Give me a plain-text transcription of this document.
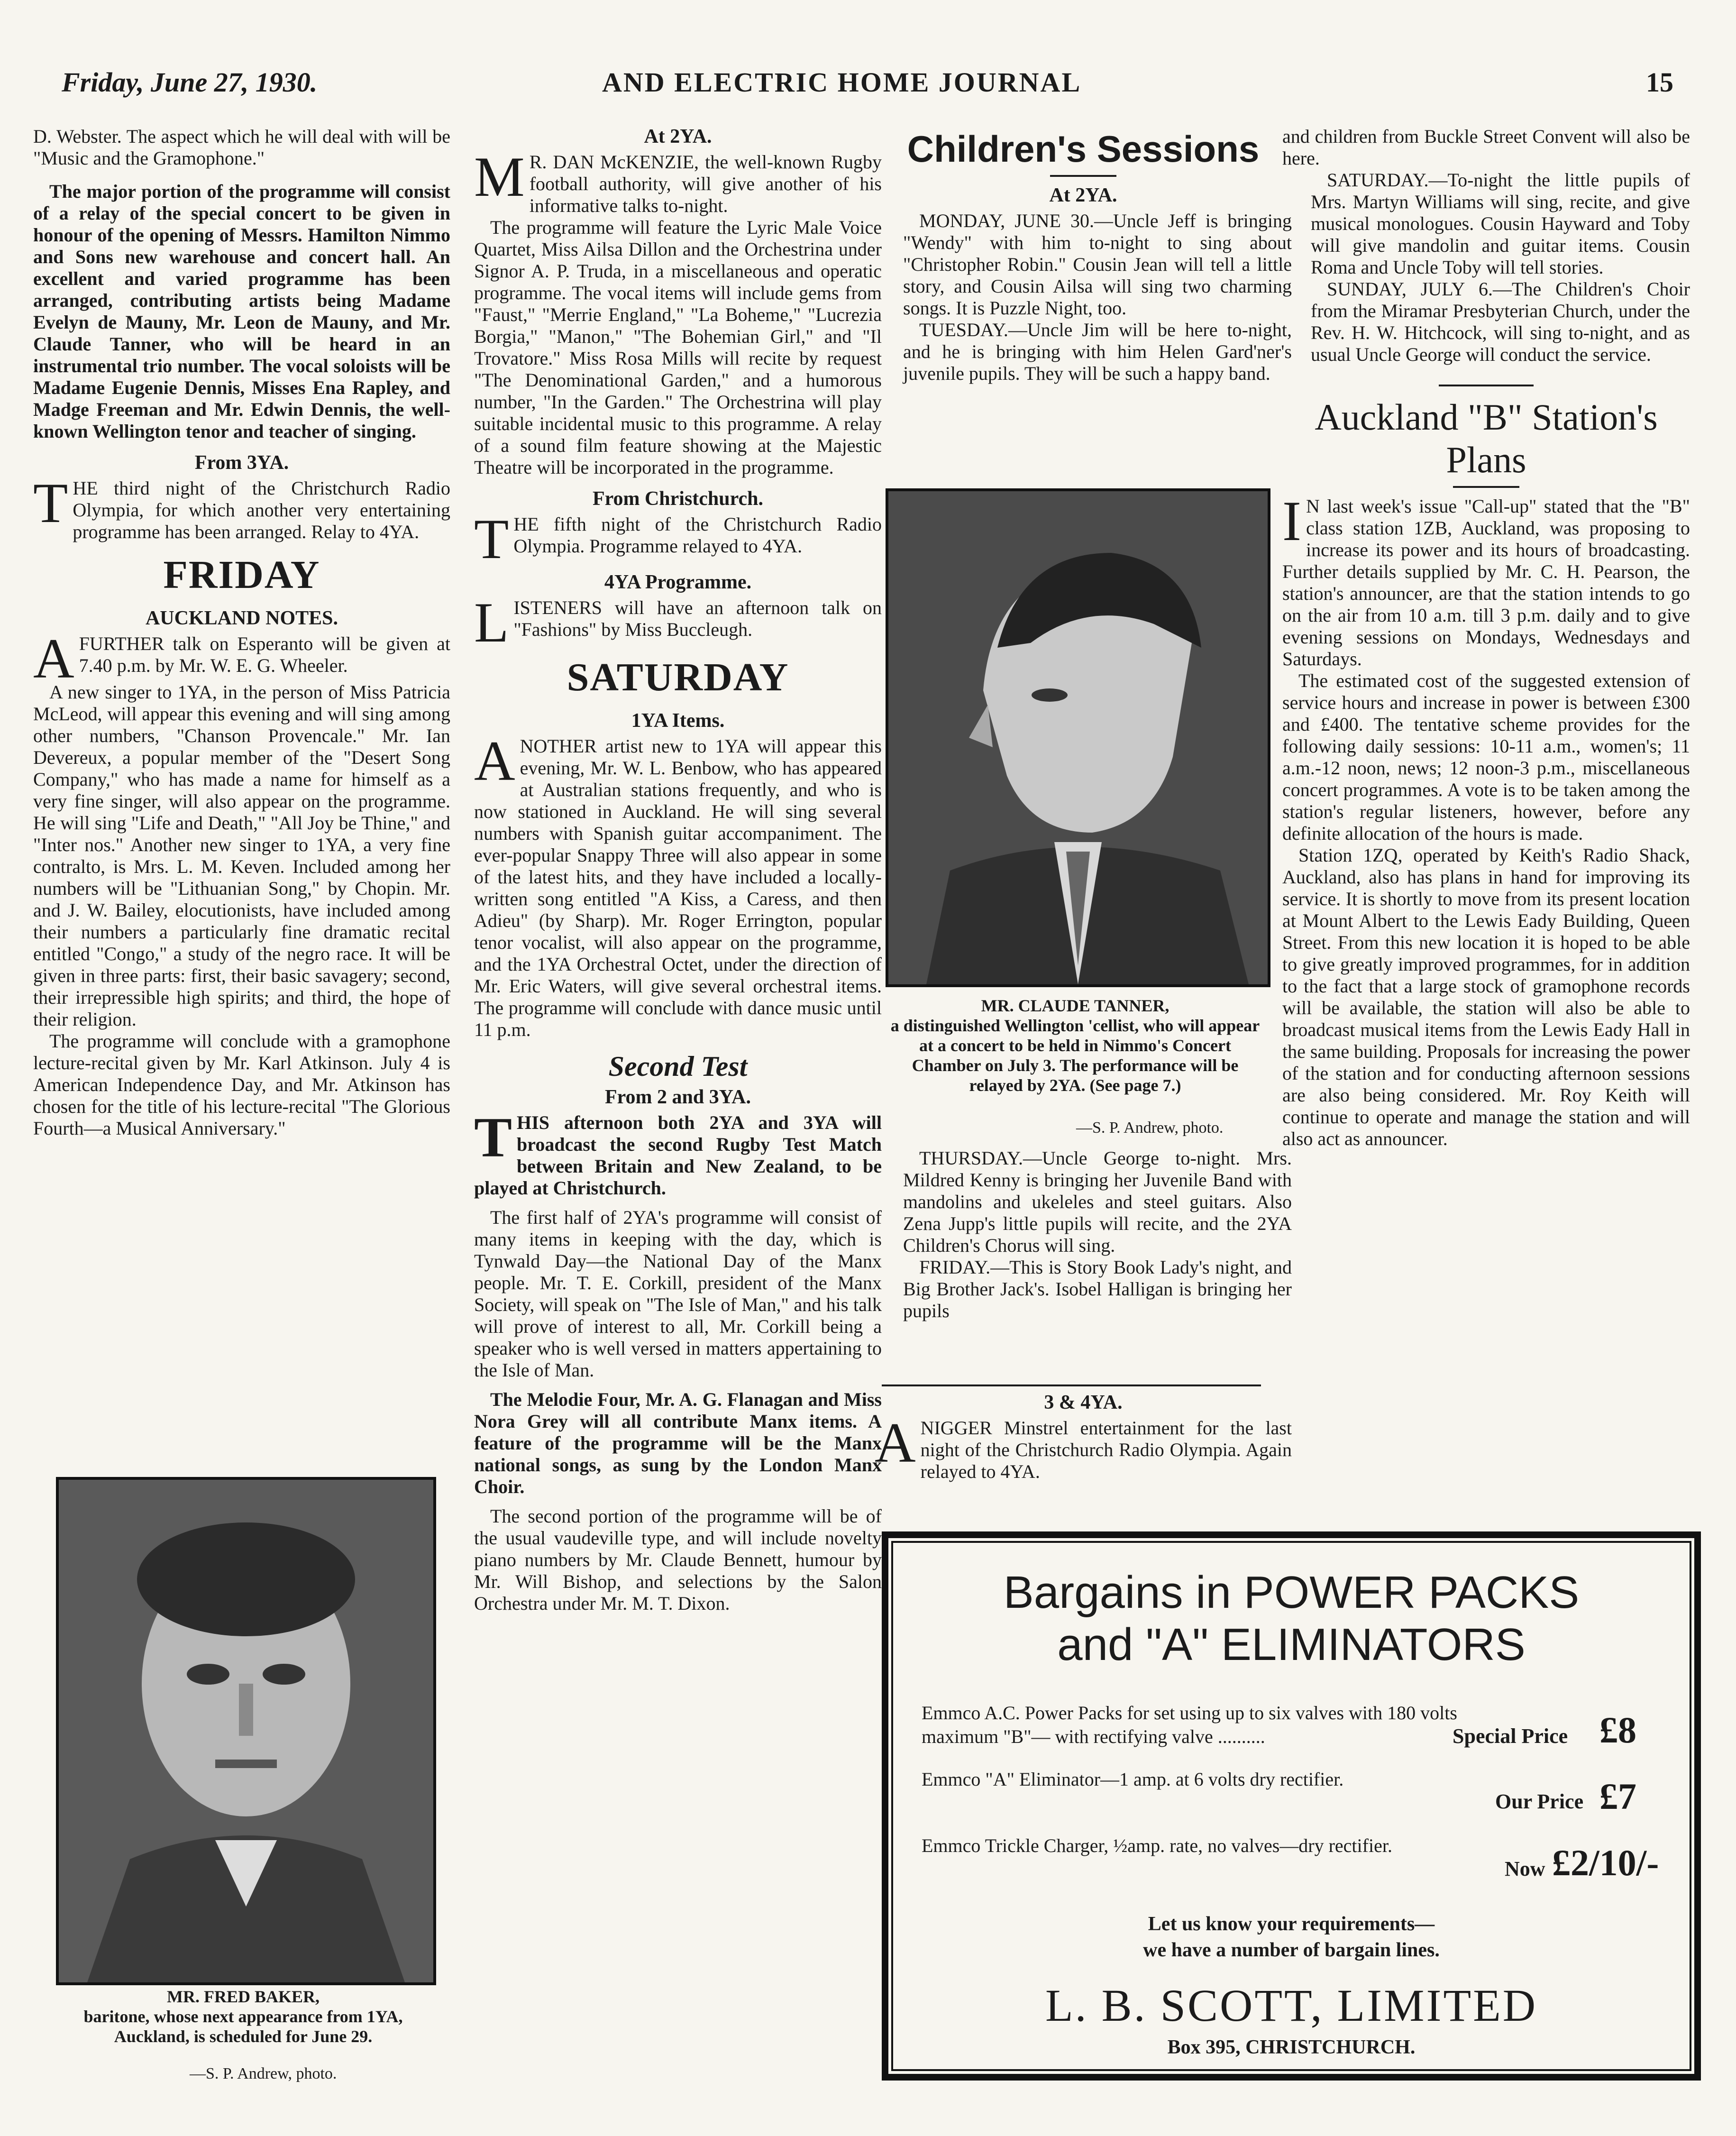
Friday, June 27, 1930.	AND ELECTRIC HOME JOURNAL	15

D. Webster. The aspect which he will deal with will be "Music and the Gramophone."

The major portion of the programme will consist of a relay of the special concert to be given in honour of the opening of Messrs. Hamilton Nimmo and Sons new warehouse and concert hall. An excellent and varied programme has been arranged, contributing artists being Madame Evelyn de Mauny, Mr. Leon de Mauny, and Mr. Claude Tanner, who will be heard in an instrumental trio number. The vocal soloists will be Madame Eugenie Dennis, Misses Ena Rapley, and Madge Freeman and Mr. Edwin Dennis, the well-known Wellington tenor and teacher of singing.

From 3YA.

THE third night of the Christchurch Radio Olympia, for which another very entertaining programme has been arranged. Relay to 4YA.

FRIDAY
AUCKLAND NOTES.

AFURTHER talk on Esperanto will be given at 7.40 p.m. by Mr. W. E. G. Wheeler.

A new singer to 1YA, in the person of Miss Patricia McLeod, will appear this evening and will sing among other numbers, "Chanson Provencale." Mr. Ian Devereux, a popular member of the "Desert Song Company," who has made a name for himself as a very fine singer, will also appear on the programme. He will sing "Life and Death," "All Joy be Thine," and "Inter nos." Another new singer to 1YA, a very fine contralto, is Mrs. L. M. Keven. Included among her numbers will be "Lithuanian Song," by Chopin. Mr. and J. W. Bailey, elocutionists, have included among their numbers a particularly fine dramatic recital entitled "Congo," a study of the negro race. It will be given in three parts: first, their basic savagery; second, their irrepressible high spirits; and third, the hope of their religion.

The programme will conclude with a gramophone lecture-recital given by Mr. Karl Atkinson. July 4 is American Independence Day, and Mr. Atkinson has chosen for the title of his lecture-recital "The Glorious Fourth—a Musical Anniversary."

MR. FRED BAKER,
baritone, whose next appearance from 1YA, Auckland, is scheduled for June 29.
—S. P. Andrew, photo.
At 2YA.

M R. DAN McKENZIE, the well-known Rugby football authority, will give another of his informative talks to-night.

The programme will feature the Lyric Male Voice Quartet, Miss Ailsa Dillon and the Orchestrina under Signor A. P. Truda, in a miscellaneous and operatic programme. The vocal items will include gems from "Faust," "Merrie England," "La Boheme," "Lucrezia Borgia," "Manon," "The Bohemian Girl," and "Il Trovatore." Miss Rosa Mills will recite by request "The Denominational Garden," and a humorous number, "In the Garden." The Orchestrina will play suitable incidental music to this programme. A relay of a sound film feature showing at the Majestic Theatre will be incorporated in the programme.

From Christchurch.

THE fifth night of the Christchurch Radio Olympia. Programme relayed to 4YA.

4YA Programme.

LISTENERS will have an afternoon talk on "Fashions" by Miss Buccleugh.

SATURDAY
1YA Items.

ANOTHER artist new to 1YA will appear this evening, Mr. W. L. Benbow, who has appeared at Australian stations frequently, and who is now stationed in Auckland. He will sing several numbers with Spanish guitar accompaniment. The ever-popular Snappy Three will also appear in some of the latest hits, and they have included a locally-written song entitled "A Kiss, a Caress, and then Adieu" (by Sharp). Mr. Roger Errington, popular tenor vocalist, will also appear on the programme, and the 1YA Orchestral Octet, under the direction of Mr. Eric Waters, will give several orchestral items. The programme will conclude with dance music until 11 p.m.

Second Test
From 2 and 3YA.

THIS afternoon both 2YA and 3YA will broadcast the second Rugby Test Match between Britain and New Zealand, to be played at Christchurch.

The first half of 2YA's programme will consist of many items in keeping with the day, which is Tynwald Day—the National Day of the Manx people. Mr. T. E. Corkill, president of the Manx Society, will speak on "The Isle of Man," and his talk will prove of interest to all, Mr. Corkill being a speaker who is well versed in matters appertaining to the Isle of Man.

The Melodie Four, Mr. A. G. Flanagan and Miss Nora Grey will all contribute Manx items. A feature of the programme will be the Manx national songs, as sung by the London Manx Choir.

The second portion of the programme will be of the usual vaudeville type, and will include novelty piano numbers by Mr. Claude Bennett, humour by Mr. Will Bishop, and selections by the Salon Orchestra under Mr. M. T. Dixon.

Children's Sessions
At 2YA.

MONDAY, JUNE 30.—Uncle Jeff is bringing "Wendy" with him to-night to sing about "Christopher Robin." Cousin Jean will tell a little story, and Cousin Ailsa will sing two charming songs. It is Puzzle Night, too.

TUESDAY.—Uncle Jim will be here to-night, and he is bringing with him Helen Gard'ner's juvenile pupils. They will be such a happy band.

MR. CLAUDE TANNER,
a distinguished Wellington 'cellist, who will appear at a concert to be held in Nimmo's Concert Chamber on July 3. The performance will be relayed by 2YA. (See page 7.)
—S. P. Andrew, photo.

THURSDAY.—Uncle George to-night. Mrs. Mildred Kenny is bringing her Juvenile Band with mandolins and ukeleles and steel guitars. Also Zena Jupp's little pupils will recite, and the 2YA Children's Chorus will sing.

FRIDAY.—This is Story Book Lady's night, and Big Brother Jack's. Isobel Halligan is bringing her pupils

3 & 4YA.

ANIGGER Minstrel entertainment for the last night of the Christchurch Radio Olympia. Again relayed to 4YA.

and children from Buckle Street Convent will also be here.

SATURDAY.—To-night the little pupils of Mrs. Martyn Williams will sing, recite, and give musical monologues. Cousin Hayward and Toby will give mandolin and guitar items. Cousin Roma and Uncle Toby will tell stories.

SUNDAY, JULY 6.—The Children's Choir from the Miramar Presbyterian Church, under the Rev. H. W. Hitchcock, will sing to-night, and as usual Uncle George will conduct the service.

Auckland "B" Station's Plans

I N last week's issue "Call-up" stated that the "B" class station 1ZB, Auckland, was proposing to increase its power and its hours of broadcasting. Further details supplied by Mr. C. H. Pearson, the station's announcer, are that the station intends to go on the air from 10 a.m. till 3 p.m. daily and to give evening sessions on Mondays, Wednesdays and Saturdays.

The estimated cost of the suggested extension of service hours and increase in power is between £300 and £400. The tentative scheme provides for the following daily sessions: 10-11 a.m., women's; 11 a.m.-12 noon, news; 12 noon-3 p.m., miscellaneous concert programmes. A vote is to be taken among the station's regular listeners, however, before any definite allocation of the hours is made.

Station 1ZQ, operated by Keith's Radio Shack, Auckland, also has plans in hand for improving its service. It is shortly to move from its present location at Mount Albert to the Lewis Eady Building, Queen Street. From this new location it is hoped to be able to give greatly improved programmes, for in addition to the fact that a large stock of gramophone records will be available, the station will also be able to broadcast musical items from the Lewis Eady Hall in the same building. Proposals for increasing the power of the station and for conducting afternoon sessions are also being considered. Mr. Roy Keith will continue to operate and manage the station and will also act as announcer.

Bargains in POWER PACKS
and "A" ELIMINATORS
Emmco A.C. Power Packs for set using up to six valves with 180 volts
maximum "B"— with rectifying valve ..........	Special Price £8
Emmco "A" Eliminator—1 amp. at 6 volts dry rectifier.
Our Price £7
Emmco Trickle Charger, ½amp. rate, no valves—dry rectifier.
Now £2/10/-
Let us know your requirements—
we have a number of bargain lines.
L. B. SCOTT, LIMITED
Box 395, CHRISTCHURCH.
